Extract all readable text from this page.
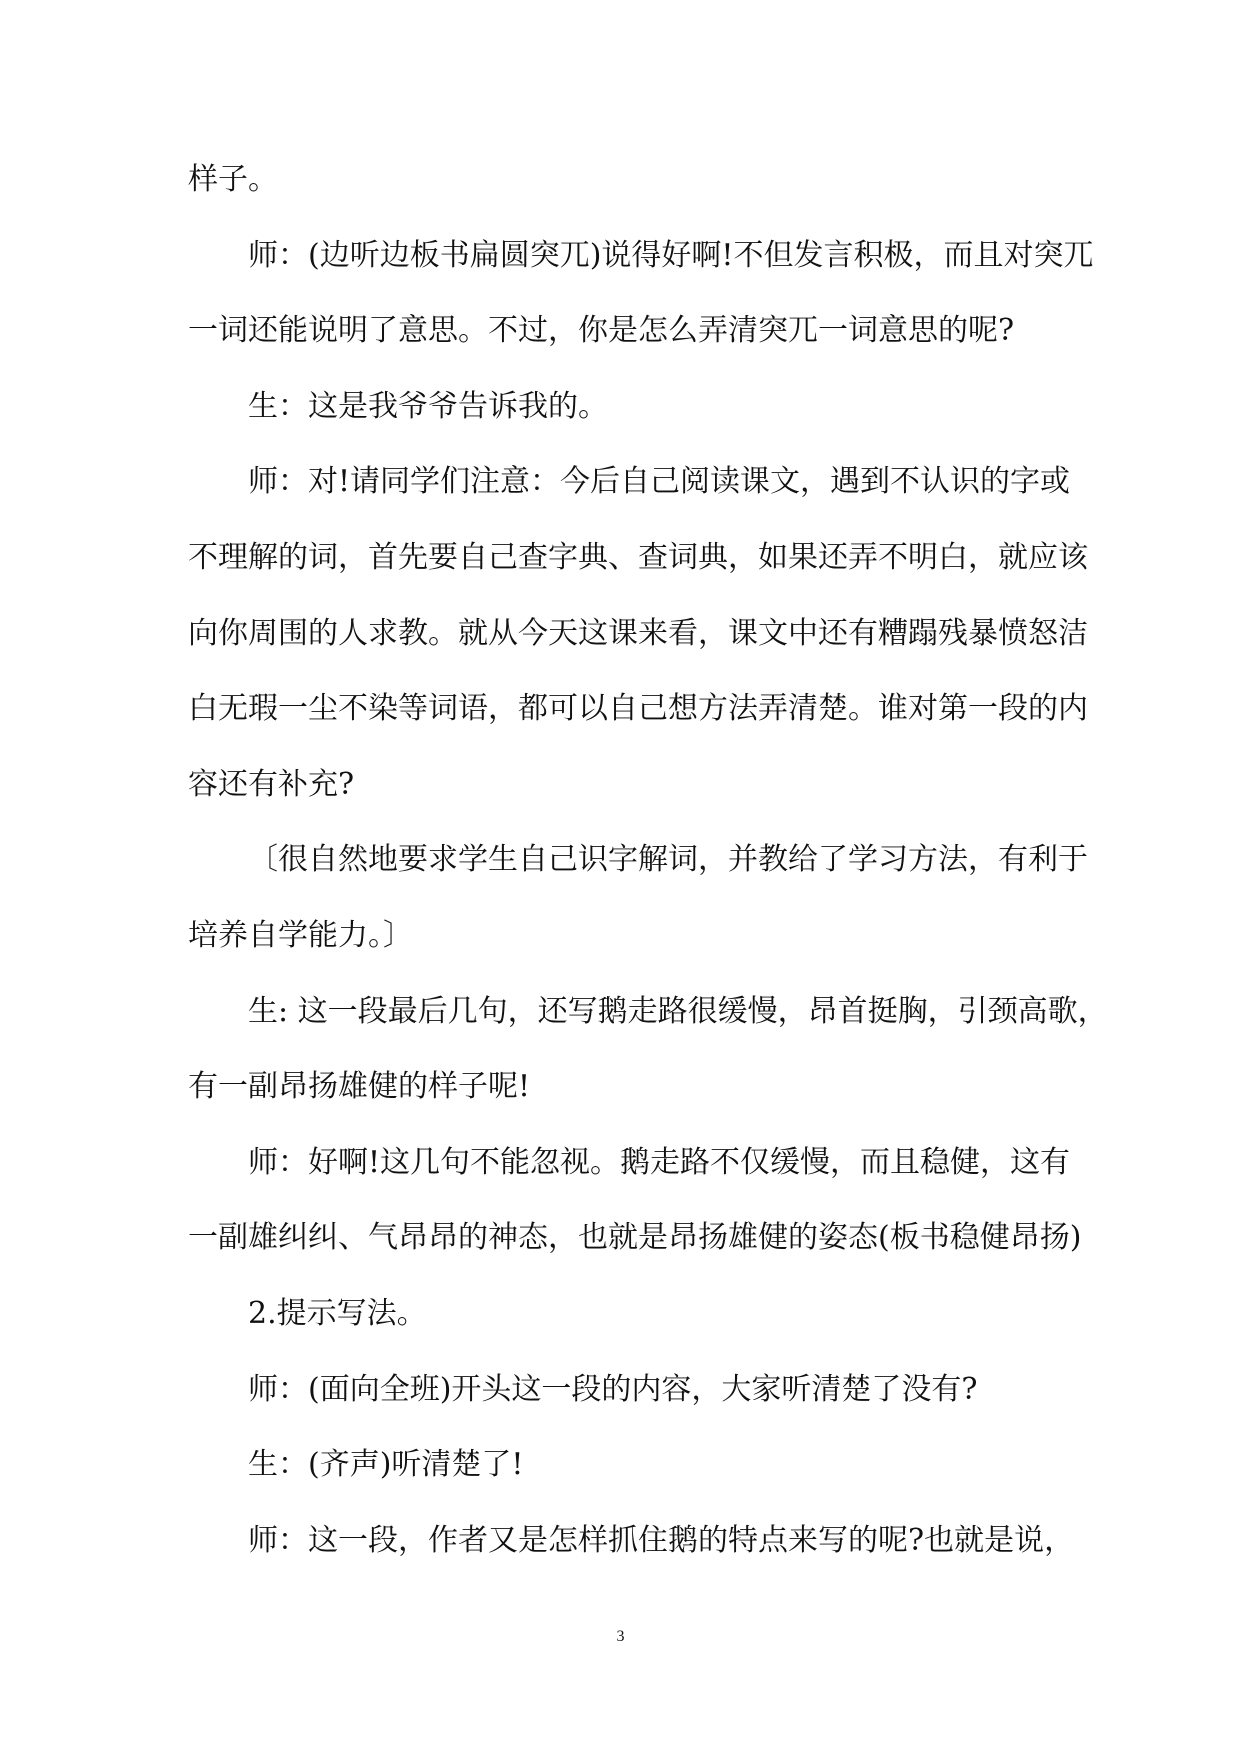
样子。
师：(边听边板书扁圆突兀)说得好啊!不但发言积极，而且对突兀
一词还能说明了意思。不过，你是怎么弄清突兀一词意思的呢?
生：这是我爷爷告诉我的。
师：对!请同学们注意：今后自己阅读课文，遇到不认识的字或
不理解的词，首先要自己查字典、查词典，如果还弄不明白，就应该
向你周围的人求教。就从今天这课来看，课文中还有糟蹋残暴愤怒洁
白无瑕一尘不染等词语，都可以自己想方法弄清楚。谁对第一段的内
容还有补充?
〔很自然地要求学生自己识字解词，并教给了学习方法，有利于
培养自学能力。〕
生: 这一段最后几句，还写鹅走路很缓慢，昂首挺胸，引颈高歌，
有一副昂扬雄健的样子呢!
师：好啊!这几句不能忽视。鹅走路不仅缓慢，而且稳健，这有
一副雄纠纠、气昂昂的神态，也就是昂扬雄健的姿态(板书稳健昂扬)
2.提示写法。
师：(面向全班)开头这一段的内容，大家听清楚了没有?
生：(齐声)听清楚了!
师：这一段，作者又是怎样抓住鹅的特点来写的呢?也就是说，
3
